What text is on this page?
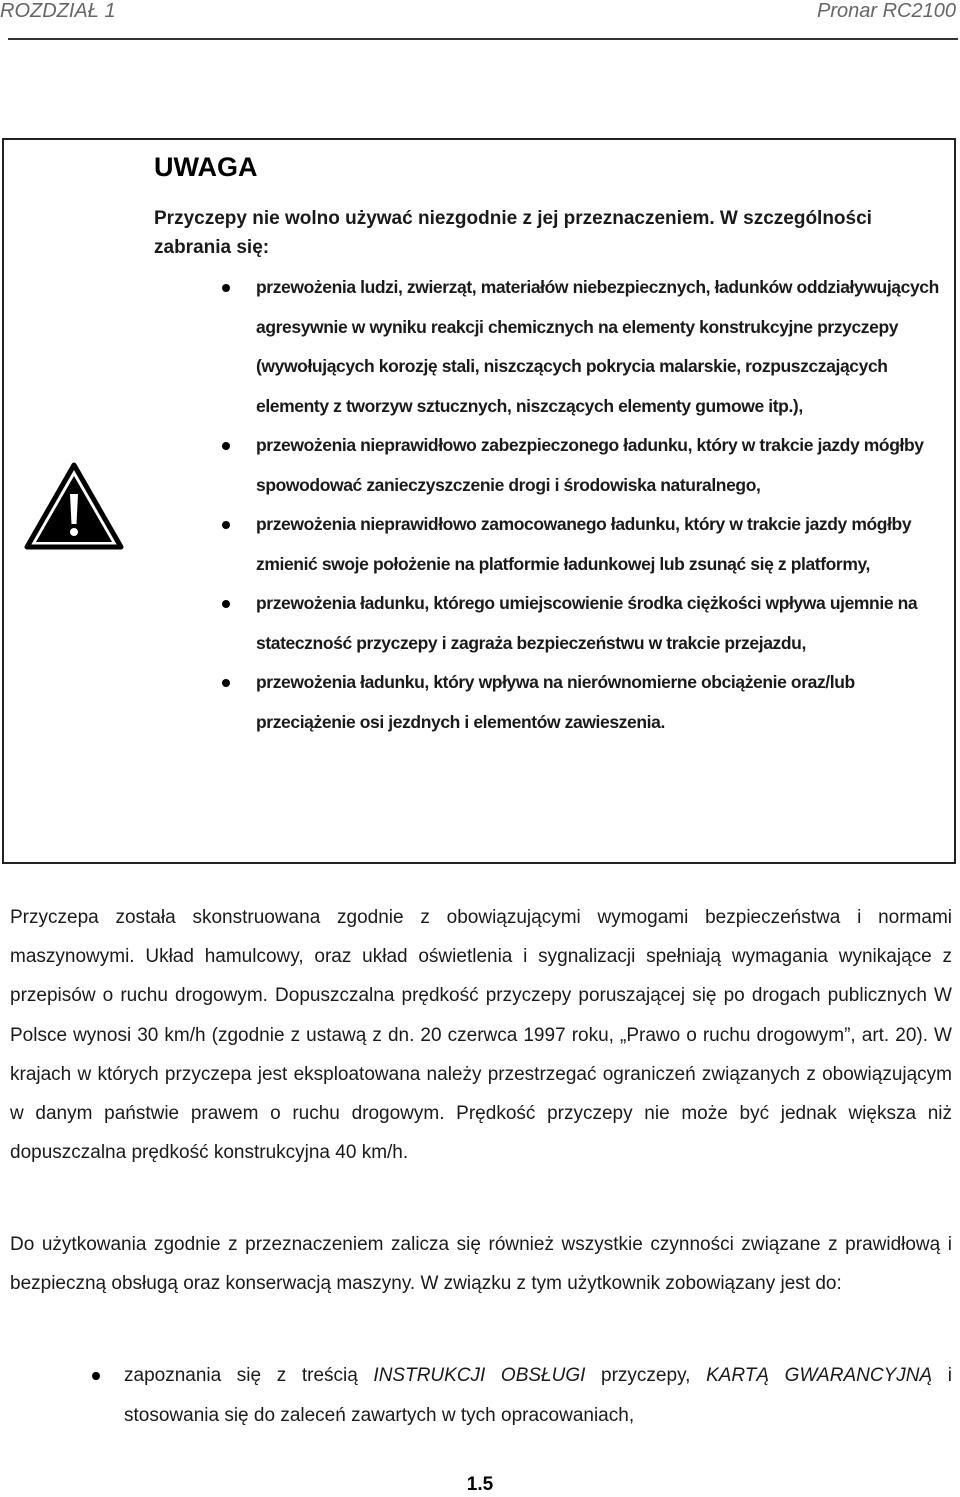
ROZDZIAŁ 1	Pronar RC2100
UWAGA
Przyczepy nie wolno używać niezgodnie z jej przeznaczeniem. W szczególności zabrania się:
przewożenia ludzi, zwierząt, materiałów niebezpiecznych, ładunków oddziaływujących agresywnie w wyniku reakcji chemicznych na elementy konstrukcyjne przyczepy (wywołujących korozję stali, niszczących pokrycia malarskie, rozpuszczających elementy z tworzyw sztucznych, niszczących elementy gumowe itp.),
przewożenia nieprawidłowo zabezpieczonego ładunku, który w trakcie jazdy mógłby spowodować zanieczyszczenie drogi i środowiska naturalnego,
przewożenia nieprawidłowo zamocowanego ładunku, który w trakcie jazdy mógłby zmienić swoje położenie na platformie ładunkowej lub zsunąć się z platformy,
przewożenia ładunku, którego umiejscowienie środka ciężkości wpływa ujemnie na stateczność przyczepy i zagraża bezpieczeństwu w trakcie przejazdu,
przewożenia ładunku, który wpływa na nierównomierne obciążenie oraz/lub przeciążenie osi jezdnych i elementów zawieszenia.
Przyczepa została skonstruowana zgodnie z obowiązującymi wymogami bezpieczeństwa i normami maszynowymi. Układ hamulcowy, oraz układ oświetlenia i sygnalizacji spełniają wymagania wynikające z przepisów o ruchu drogowym. Dopuszczalna prędkość przyczepy poruszającej się po drogach publicznych W Polsce wynosi 30 km/h (zgodnie z ustawą z dn. 20 czerwca 1997 roku, „Prawo o ruchu drogowym”, art. 20). W krajach w których przyczepa jest eksploatowana należy przestrzegać ograniczeń związanych z obowiązującym w danym państwie prawem o ruchu drogowym. Prędkość przyczepy nie może być jednak większa niż dopuszczalna prędkość konstrukcyjna 40 km/h.
Do użytkowania zgodnie z przeznaczeniem zalicza się również wszystkie czynności związane z prawidłową i bezpieczną obsługą oraz konserwacją maszyny. W związku z tym użytkownik zobowiązany jest do:
zapoznania się z treścią INSTRUKCJI OBSŁUGI przyczepy, KARTĄ GWARANCYJNĄ i stosowania się do zaleceń zawartych w tych opracowaniach,
1.5
